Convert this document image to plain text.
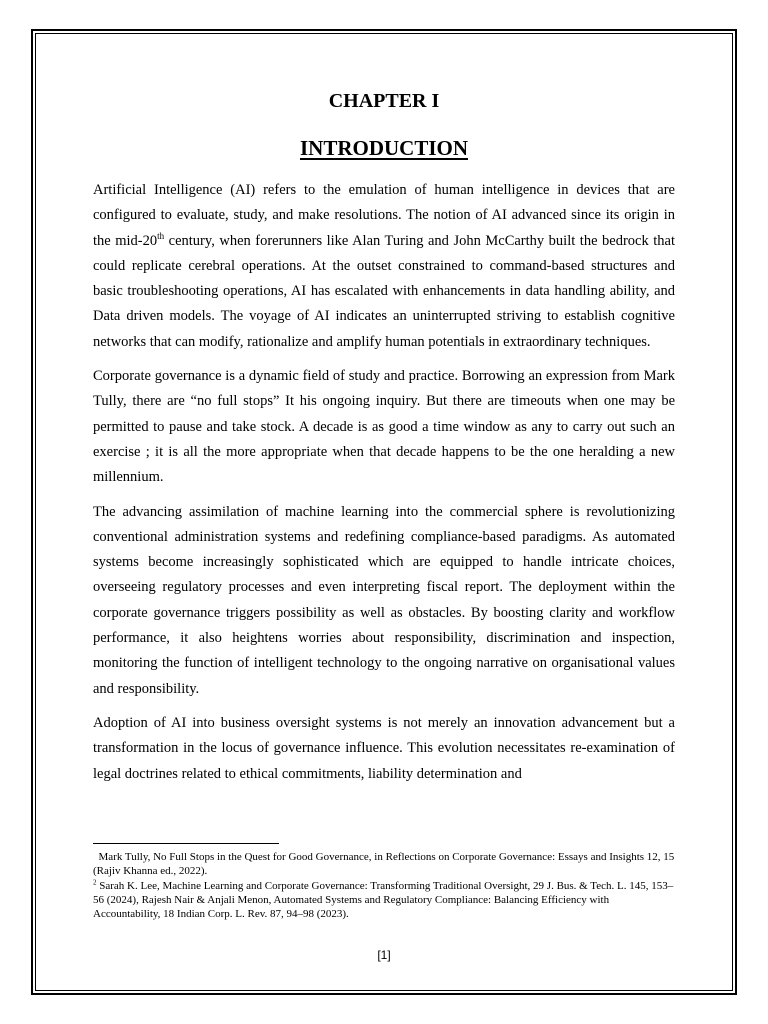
CHAPTER I
INTRODUCTION

Artificial Intelligence (AI) refers to the emulation of human intelligence in devices that are configured to evaluate, study, and make resolutions. The notion of AI advanced since its origin in the mid-20th century, when forerunners like Alan Turing and John McCarthy built the bedrock that could replicate cerebral operations. At the outset constrained to command-based structures and basic troubleshooting operations, AI has escalated with enhancements in data handling ability, and Data driven models. The voyage of AI indicates an uninterrupted striving to establish cognitive networks that can modify, rationalize and amplify human potentials in extraordinary techniques.

Corporate governance is a dynamic field of study and practice. Borrowing an expression from Mark Tully, there are “no full stops” It his ongoing inquiry. But there are timeouts when one may be permitted to pause and take stock. A decade is as good a time window as any to carry out such an exercise ; it is all the more appropriate when that decade happens to be the one heralding a new millennium.

The advancing assimilation of machine learning into the commercial sphere is revolutionizing conventional administration systems and redefining compliance-based paradigms. As automated systems become increasingly sophisticated which are equipped to handle intricate choices, overseeing regulatory processes and even interpreting fiscal report. The deployment within the corporate governance triggers possibility as well as obstacles. By boosting clarity and workflow performance, it also heightens worries about responsibility, discrimination and inspection, monitoring the function of intelligent technology to the ongoing narrative on organisational values and responsibility.

Adoption of AI into business oversight systems is not merely an innovation advancement but a transformation in the locus of governance influence. This evolution necessitates re-examination of legal doctrines related to ethical commitments, liability determination and

Mark Tully, No Full Stops in the Quest for Good Governance, in Reflections on Corporate Governance: Essays and Insights 12, 15 (Rajiv Khanna ed., 2022).

$^2$ Sarah K. Lee, Machine Learning and Corporate Governance: Transforming Traditional Oversight, 29 J. Bus. & Tech. L. 145, 153–56 (2024), Rajesh Nair & Anjali Menon, Automated Systems and Regulatory Compliance: Balancing Efficiency with Accountability, 18 Indian Corp. L. Rev. 87, 94–98 (2023).

[1]
